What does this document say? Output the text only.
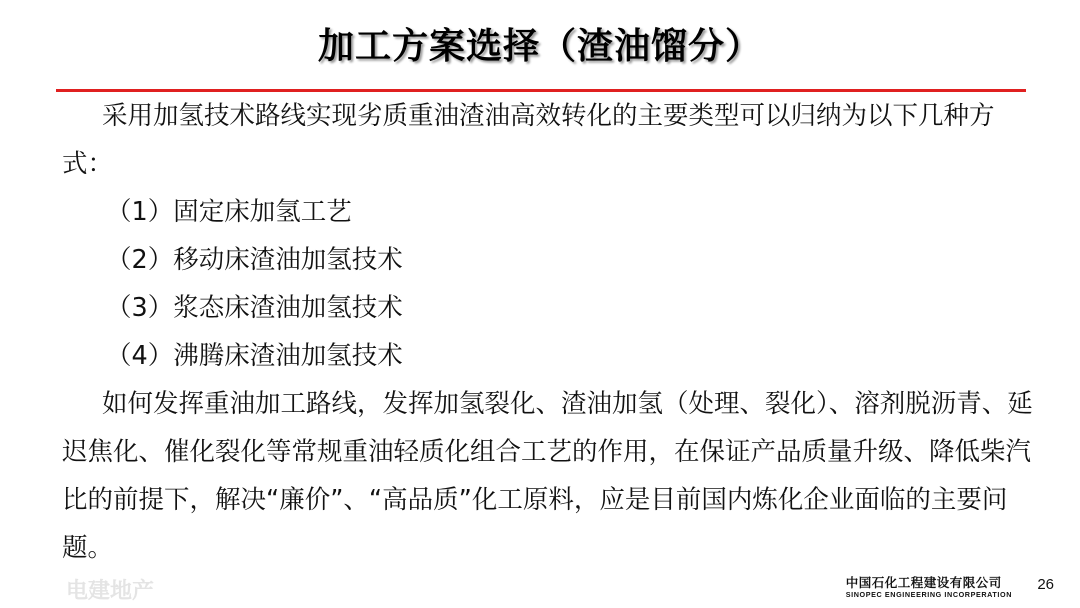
加工方案选择（渣油馏分）

采用加氢技术路线实现劣质重油渣油高效转化的主要类型可以归纳为以下几种方式：

（1）固定床加氢工艺

（2）移动床渣油加氢技术

（3）浆态床渣油加氢技术

（4）沸腾床渣油加氢技术

如何发挥重油加工路线，发挥加氢裂化、渣油加氢（处理、裂化）、溶剂脱沥青、延迟焦化、催化裂化等常规重油轻质化组合工艺的作用，在保证产品质量升级、降低柴汽比的前提下，解决“廉价”、“高品质”化工原料，应是目前国内炼化企业面临的主要问题。

电建地产	中国石化工程建设有限公司
SINOPEC ENGINEERING INCORPERATION
26
